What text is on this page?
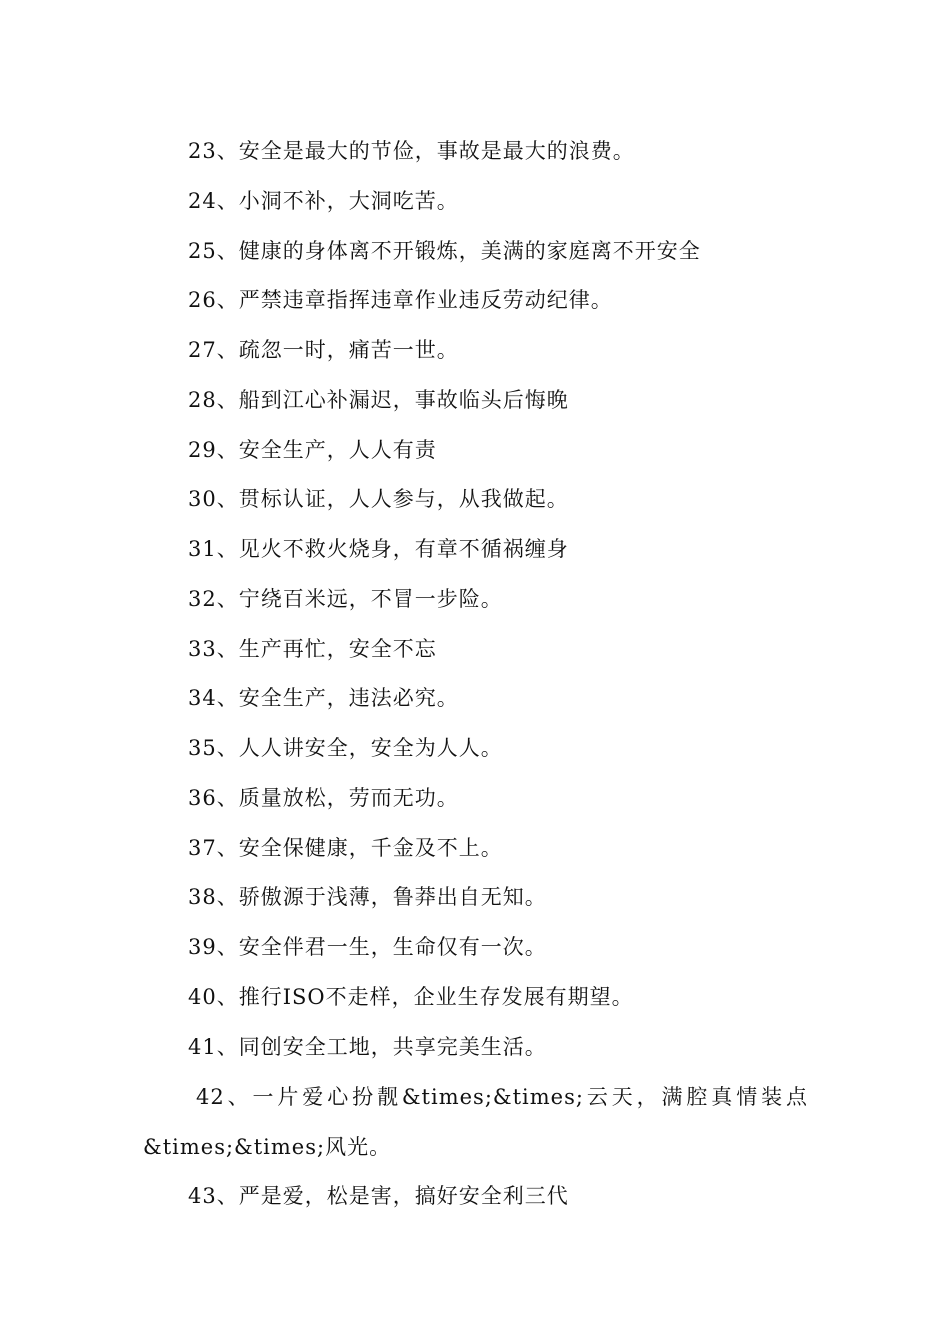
23、安全是最大的节俭，事故是最大的浪费。
24、小洞不补，大洞吃苦。
25、健康的身体离不开锻炼，美满的家庭离不开安全
26、严禁违章指挥违章作业违反劳动纪律。
27、疏忽一时，痛苦一世。
28、船到江心补漏迟，事故临头后悔晚
29、安全生产，人人有责
30、贯标认证，人人参与，从我做起。
31、见火不救火烧身，有章不循祸缠身
32、宁绕百米远，不冒一步险。
33、生产再忙，安全不忘
34、安全生产，违法必究。
35、人人讲安全，安全为人人。
36、质量放松，劳而无功。
37、安全保健康，千金及不上。
38、骄傲源于浅薄，鲁莽出自无知。
39、安全伴君一生，生命仅有一次。
40、推行ISO不走样，企业生存发展有期望。
41、同创安全工地，共享完美生活。
42、一片爱心扮靓&times;&times;云天，满腔真情装点
&times;&times;风光。
43、严是爱，松是害，搞好安全利三代
